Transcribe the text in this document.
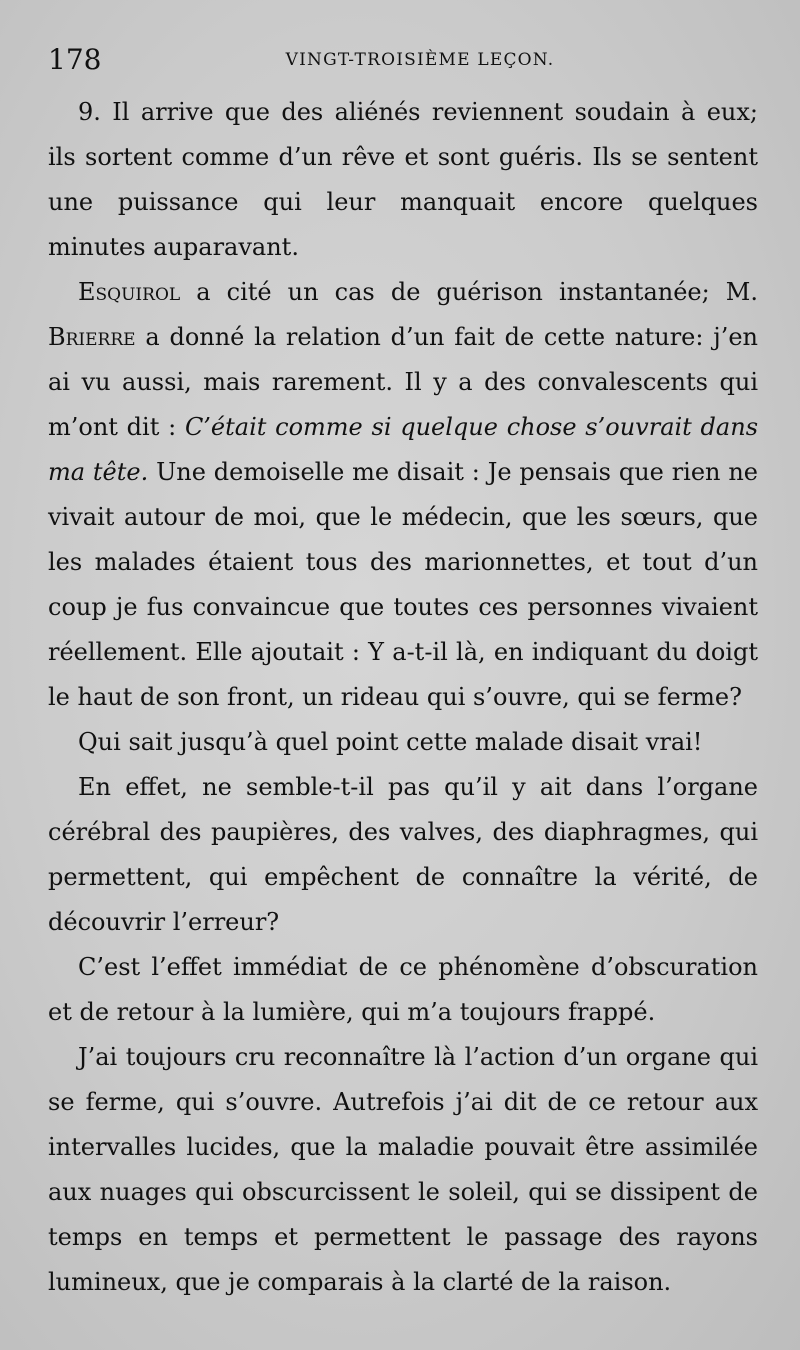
178	VINGT-TROISIÈME LEÇON.

9. Il arrive que des aliénés reviennent soudain à eux; ils sortent comme d’un rêve et sont guéris. Ils se sentent une puissance qui leur manquait encore quelques minutes auparavant.

Esquirol a cité un cas de guérison instantanée; M. Brierre a donné la relation d’un fait de cette nature: j’en ai vu aussi, mais rarement. Il y a des convalescents qui m’ont dit : C’était comme si quelque chose s’ouvrait dans ma tête. Une demoiselle me disait : Je pensais que rien ne vivait autour de moi, que le médecin, que les sœurs, que les malades étaient tous des marionnettes, et tout d’un coup je fus convaincue que toutes ces personnes vivaient réellement. Elle ajoutait : Y a-t-il là, en indiquant du doigt le haut de son front, un rideau qui s’ouvre, qui se ferme?

Qui sait jusqu’à quel point cette malade disait vrai!

En effet, ne semble-t-il pas qu’il y ait dans l’organe cérébral des paupières, des valves, des diaphragmes, qui permettent, qui empêchent de connaître la vérité, de découvrir l’erreur?

C’est l’effet immédiat de ce phénomène d’obscuration et de retour à la lumière, qui m’a toujours frappé.

J’ai toujours cru reconnaître là l’action d’un organe qui se ferme, qui s’ouvre. Autrefois j’ai dit de ce retour aux intervalles lucides, que la maladie pouvait être assimilée aux nuages qui obscurcissent le soleil, qui se dissipent de temps en temps et permettent le passage des rayons lumineux, que je comparais à la clarté de la raison.
